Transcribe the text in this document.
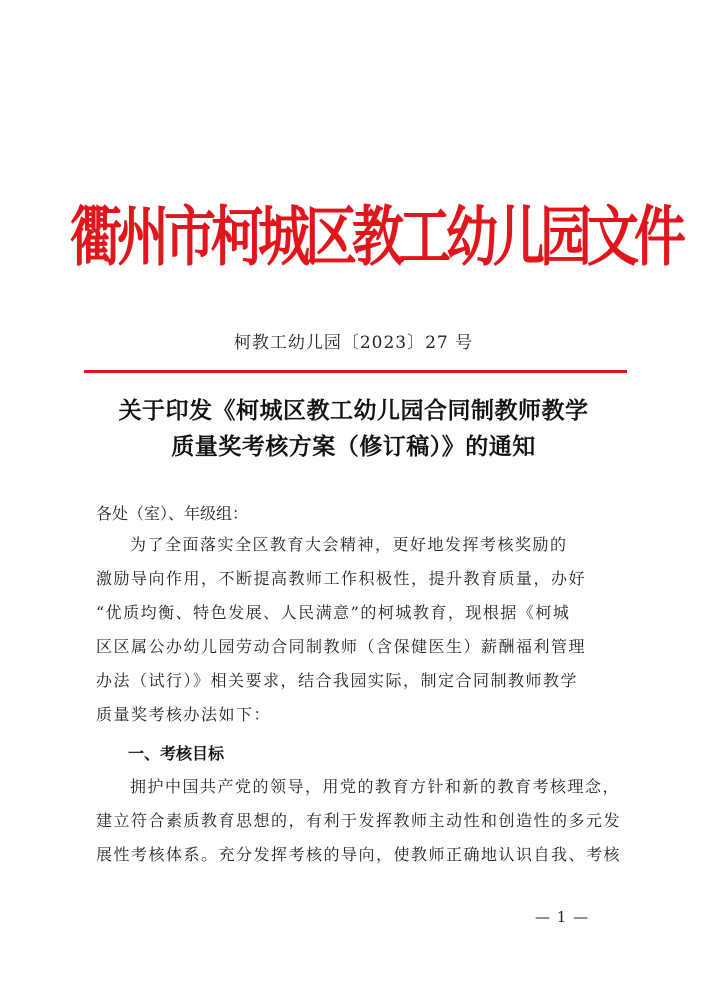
衢州市柯城区教工幼儿园文件
柯教工幼儿园〔2023〕27 号
关于印发《柯城区教工幼儿园合同制教师教学
质量奖考核方案（修订稿）》的通知
各处（室）、年级组：
为了全面落实全区教育大会精神，更好地发挥考核奖励的
激励导向作用，不断提高教师工作积极性，提升教育质量，办好
“优质均衡、特色发展、人民满意”的柯城教育，现根据《柯城
区区属公办幼儿园劳动合同制教师（含保健医生）薪酬福利管理
办法（试行）》相关要求，结合我园实际，制定合同制教师教学
质量奖考核办法如下：
一、考核目标
拥护中国共产党的领导，用党的教育方针和新的教育考核理念，
建立符合素质教育思想的，有利于发挥教师主动性和创造性的多元发
展性考核体系。充分发挥考核的导向，使教师正确地认识自我、考核
— 1 —
